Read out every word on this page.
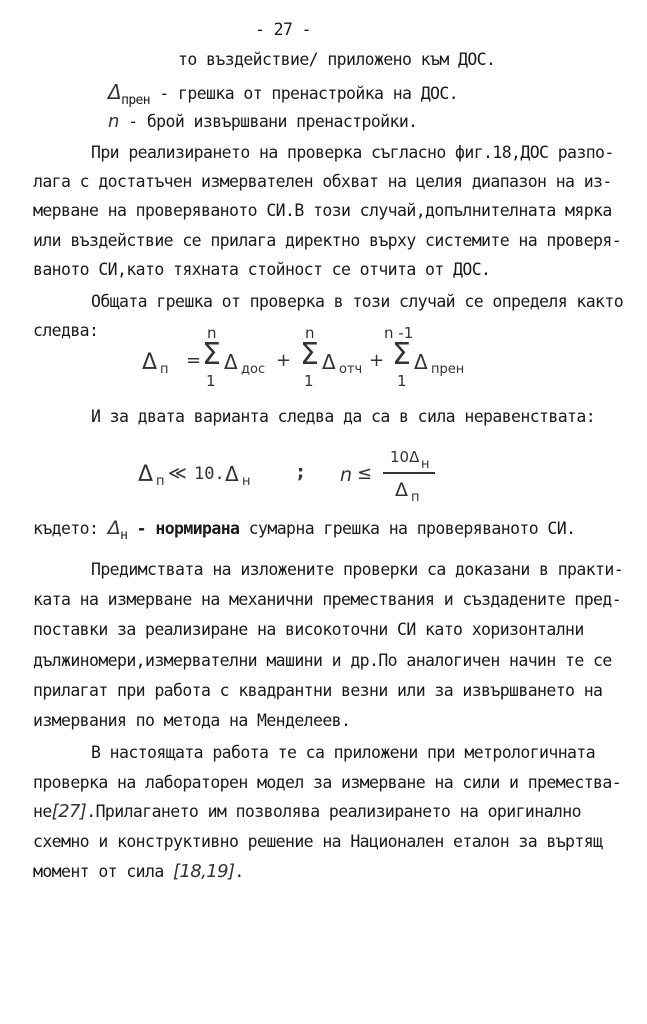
- 27 -
то въздействие/ приложено към ДОС.
$\Delta_{прен}$ - грешка от пренастройка на ДОС.
n - брой извършвани пренастройки.
При реализирането на проверка съгласно фиг.18,ДОС разпо-
лага с достатъчен измервателен обхват на целия диапазон на из-
мерване на проверяваното СИ.В този случай,допълнителната мярка
или въздействие се прилага директно върху системите на проверя-
ваното СИ,като тяхната стойност се отчита от ДОС.
Общата грешка от проверка в този случай се определя както
следва:
Δ п =
n
Σ
1
Δ дос +
n
Σ
1
Δ отч +
n -1
Σ
1
Δ прен
И за двата варианта следва да са в сила неравенствата:
Δ п ≪ 10. Δ н	; n ≤
10Δ н
Δ п
където: $\Delta_н$ - нормирана сумарна грешка на проверяваното СИ.
Предимствата на изложените проверки са доказани в практи-
ката на измерване на механични премествания и създадените пред-
поставки за реализиране на високоточни СИ като хоризонтални
дължиномери,измервателни машини и др.По аналогичен начин те се
прилагат при работа с квадрантни везни или за извършването на
измервания по метода на Менделеев.
В настоящата работа те са приложени при метрологичната
проверка на лабораторен модел за измерване на сили и премества-
не[27].Прилагането им позволява реализирането на оригинално
схемно и конструктивно решение на Национален еталон за въртящ
момент от сила [18,19].
